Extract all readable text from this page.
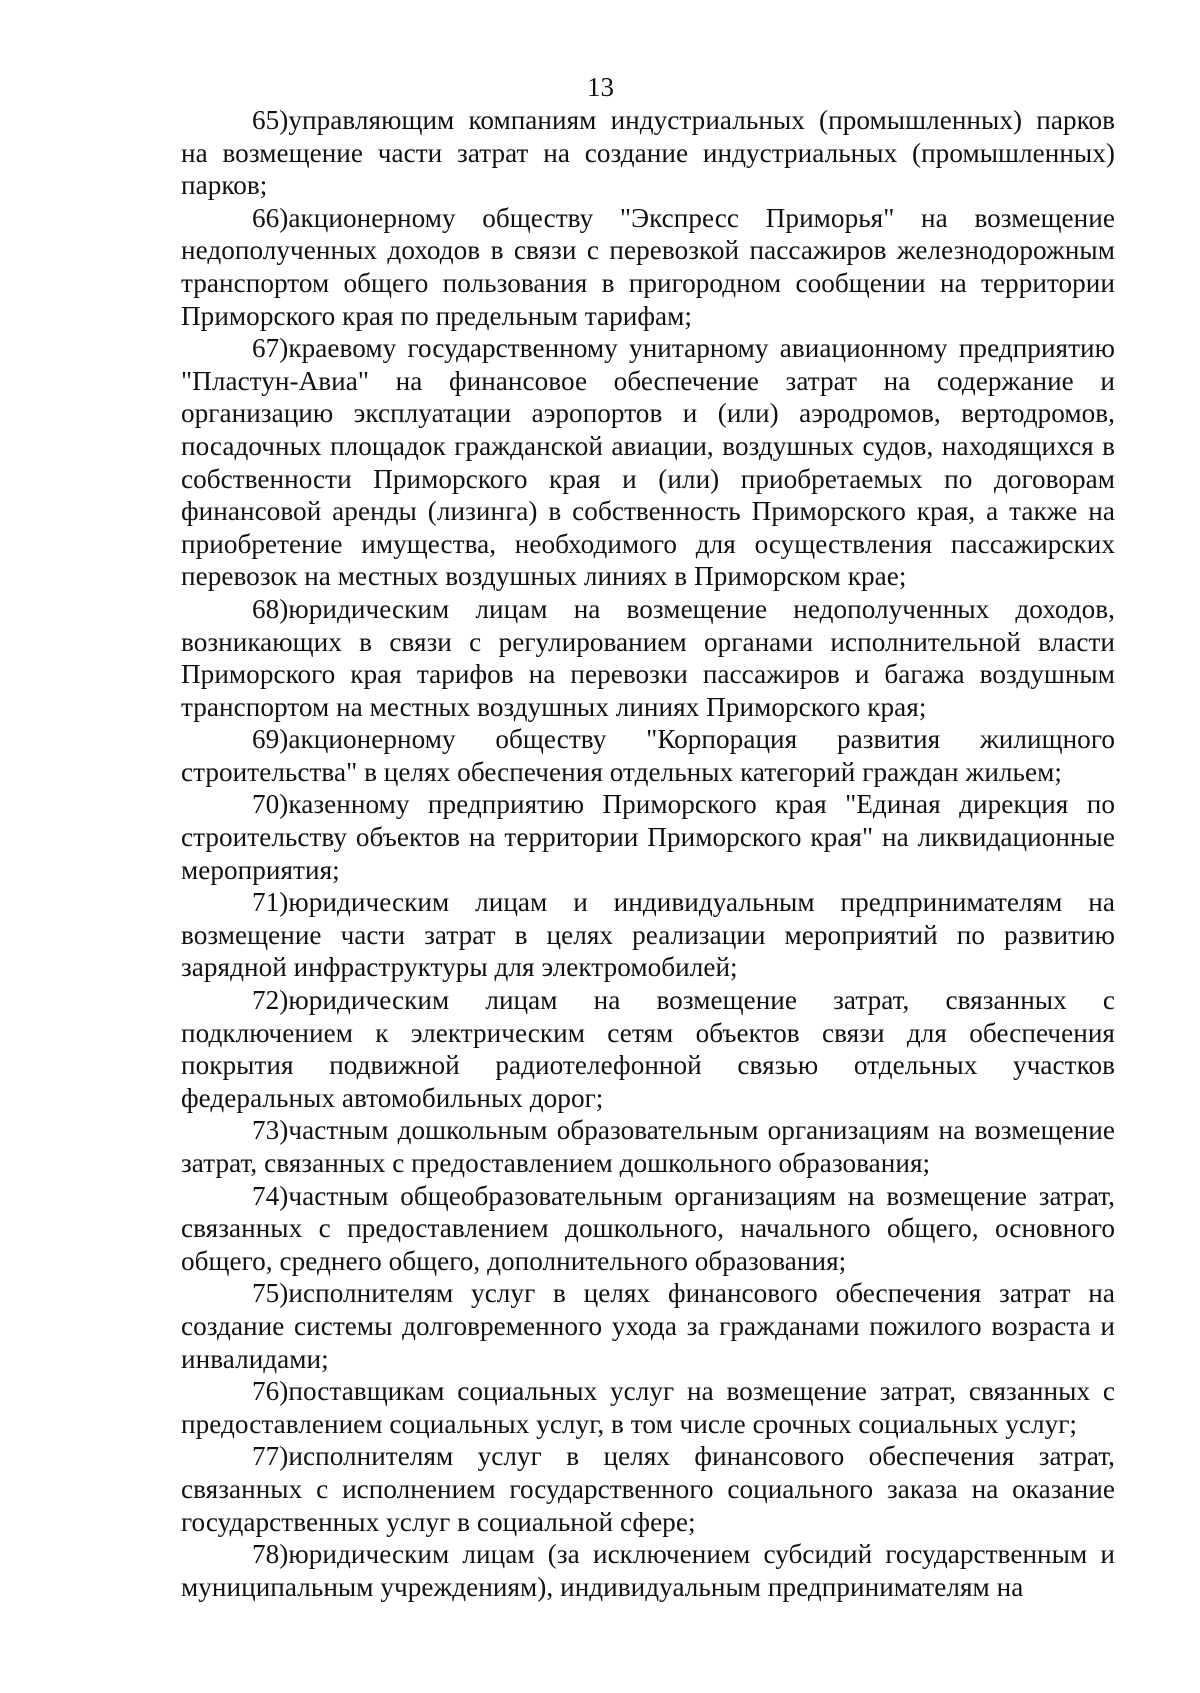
13

65)управляющим компаниям индустриальных (промышленных) парков на возмещение части затрат на создание индустриальных (промышленных) парков;

66)акционерному обществу "Экспресс Приморья" на возмещение недополученных доходов в связи с перевозкой пассажиров железнодорожным транспортом общего пользования в пригородном сообщении на территории Приморского края по предельным тарифам;

67)краевому государственному унитарному авиационному предприятию "Пластун-Авиа" на финансовое обеспечение затрат на содержание и организацию эксплуатации аэропортов и (или) аэродромов, вертодромов, посадочных площадок гражданской авиации, воздушных судов, находящихся в собственности Приморского края и (или) приобретаемых по договорам финансовой аренды (лизинга) в собственность Приморского края, а также на приобретение имущества, необходимого для осуществления пассажирских перевозок на местных воздушных линиях в Приморском крае;

68)юридическим лицам на возмещение недополученных доходов, возникающих в связи с регулированием органами исполнительной власти Приморского края тарифов на перевозки пассажиров и багажа воздушным транспортом на местных воздушных линиях Приморского края;

69)акционерному обществу "Корпорация развития жилищного строительства" в целях обеспечения отдельных категорий граждан жильем;

70)казенному предприятию Приморского края "Единая дирекция по строительству объектов на территории Приморского края" на ликвидационные мероприятия;

71)юридическим лицам и индивидуальным предпринимателям на возмещение части затрат в целях реализации мероприятий по развитию зарядной инфраструктуры для электромобилей;

72)юридическим лицам на возмещение затрат, связанных с подключением к электрическим сетям объектов связи для обеспечения покрытия подвижной радиотелефонной связью отдельных участков федеральных автомобильных дорог;

73)частным дошкольным образовательным организациям на возмещение затрат, связанных с предоставлением дошкольного образования;

74)частным общеобразовательным организациям на возмещение затрат, связанных с предоставлением дошкольного, начального общего, основного общего, среднего общего, дополнительного образования;

75)исполнителям услуг в целях финансового обеспечения затрат на создание системы долговременного ухода за гражданами пожилого возраста и инвалидами;

76)поставщикам социальных услуг на возмещение затрат, связанных с предоставлением социальных услуг, в том числе срочных социальных услуг;

77)исполнителям услуг в целях финансового обеспечения затрат, связанных с исполнением государственного социального заказа на оказание государственных услуг в социальной сфере;

78)юридическим лицам (за исключением субсидий государственным и муниципальным учреждениям), индивидуальным предпринимателям на
